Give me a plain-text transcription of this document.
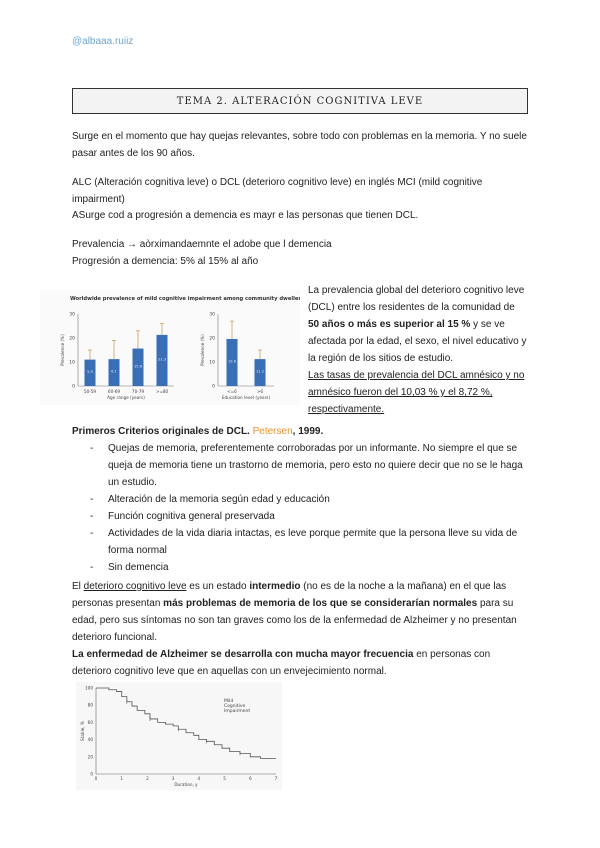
@albaaa.ruiiz
TEMA 2. ALTERACIÓN COGNITIVA LEVE
Surge en el momento que hay quejas relevantes, sobre todo con problemas en la memoria. Y no suele pasar antes de los 90 años.
ALC (Alteración cognitiva leve) o DCL (deterioro cognitivo leve) en inglés MCI (mild cognitive impairment)
ASurge cod a progresión a demencia es mayr e las personas que tienen DCL.
Prevalencia → aòrximandaemnte el adobe que l demencia
Progresión a demencia: 5% al 15% al año
Worldwide prevalence of mild cognitive impairment among community dwellers
0
10
20
30
Prevalence (%)
5.9
50-59
6.1
60-69
15.6
70-79
21.3
>=80
Age range (years)
0
10
20
30
Prevalence (%)	19.6
<=6
11.2
>6
Education level (years)
La prevalencia global del deterioro cognitivo leve (DCL) entre los residentes de la comunidad de 50 años o más es superior al 15 % y se ve afectada por la edad, el sexo, el nivel educativo y la región de los sitios de estudio.
Las tasas de prevalencia del DCL amnésico y no amnésico fueron del 10,03 % y el 8,72 %, respectivamente.
Primeros Criterios originales de DCL. Petersen, 1999.
- Quejas de memoria, preferentemente corroboradas por un informante. No siempre el que se queja de memoria tiene un trastorno de memoria, pero esto no quiere decir que no se le haga un estudio.
- Alteración de la memoria según edad y educación
- Función cognitiva general preservada
- Actividades de la vida diaria intactas, es leve porque permite que la persona lleve su vida de forma normal
- Sin demencia
El deterioro cognitivo leve es un estado intermedio (no es de la noche a la mañana) en el que las personas presentan más problemas de memoria de los que se considerarían normales para su edad, pero sus síntomas no son tan graves como los de la enfermedad de Alzheimer y no presentan deterioro funcional.
La enfermedad de Alzheimer se desarrolla con mucha mayor frecuencia en personas con deterioro cognitivo leve que en aquellas con un envejecimiento normal.
Mild
Cognitive
Impairment
0
20
40
60
80
100
0	1	2	3	4	5	6	7
Stable, %
Duration, y
